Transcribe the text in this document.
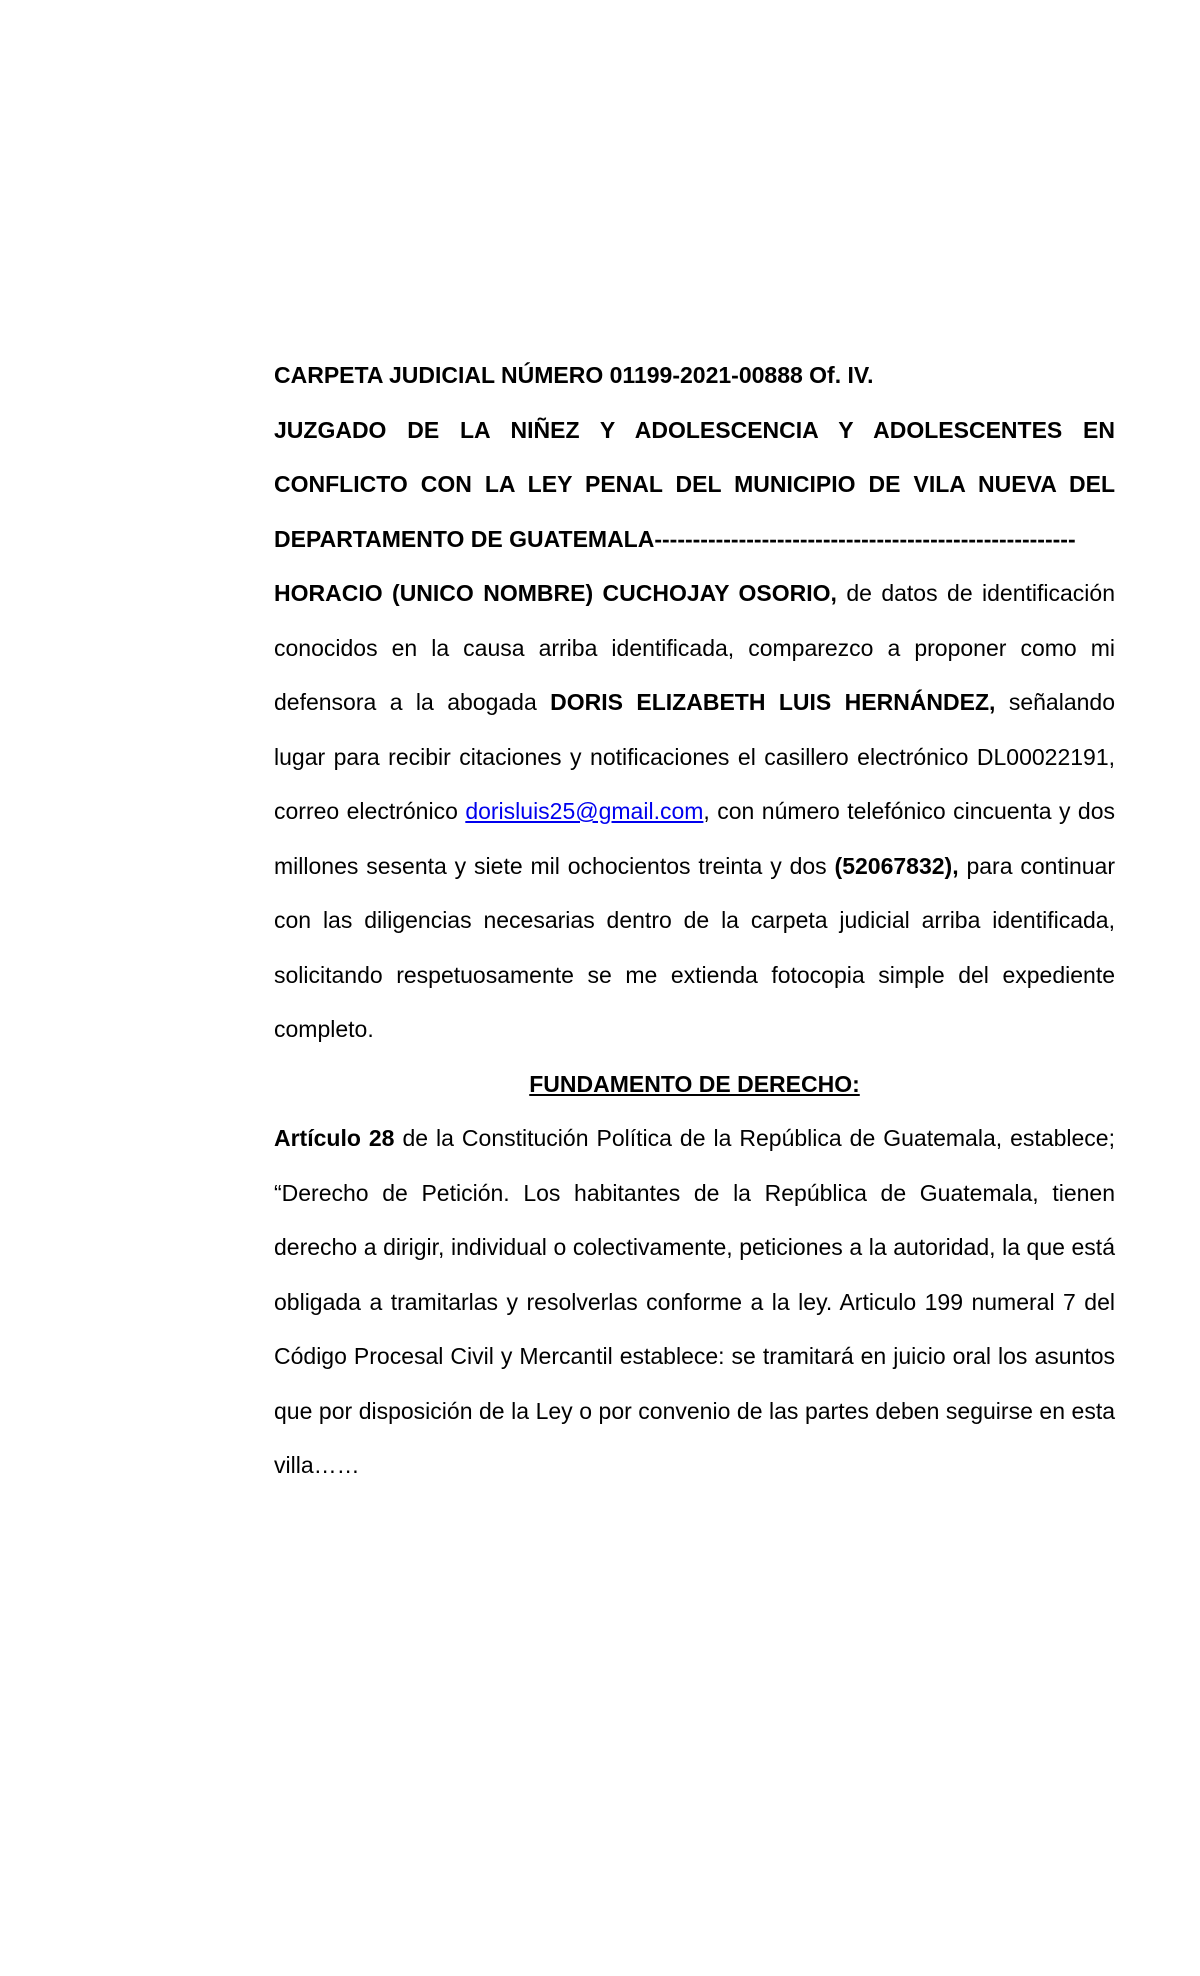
CARPETA JUDICIAL NÚMERO 01199-2021-00888 Of. IV.

JUZGADO DE LA NIÑEZ Y ADOLESCENCIA Y ADOLESCENTES EN CONFLICTO CON LA LEY PENAL DEL MUNICIPIO DE VILA NUEVA DEL DEPARTAMENTO DE GUATEMALA-------------------------------------------------------

HORACIO (UNICO NOMBRE) CUCHOJAY OSORIO, de datos de identificación conocidos en la causa arriba identificada, comparezco a proponer como mi defensora a la abogada DORIS ELIZABETH LUIS HERNÁNDEZ, señalando lugar para recibir citaciones y notificaciones el casillero electrónico DL00022191, correo electrónico dorisluis25@gmail.com, con número telefónico cincuenta y dos millones sesenta y siete mil ochocientos treinta y dos (52067832), para continuar con las diligencias necesarias dentro de la carpeta judicial arriba identificada, solicitando respetuosamente se me extienda fotocopia simple del expediente completo.

FUNDAMENTO DE DERECHO:

Artículo 28 de la Constitución Política de la República de Guatemala, establece; “Derecho de Petición. Los habitantes de la República de Guatemala, tienen derecho a dirigir, individual o colectivamente, peticiones a la autoridad, la que está obligada a tramitarlas y resolverlas conforme a la ley. Articulo 199 numeral 7 del Código Procesal Civil y Mercantil establece: se tramitará en juicio oral los asuntos que por disposición de la Ley o por convenio de las partes deben seguirse en esta villa……
